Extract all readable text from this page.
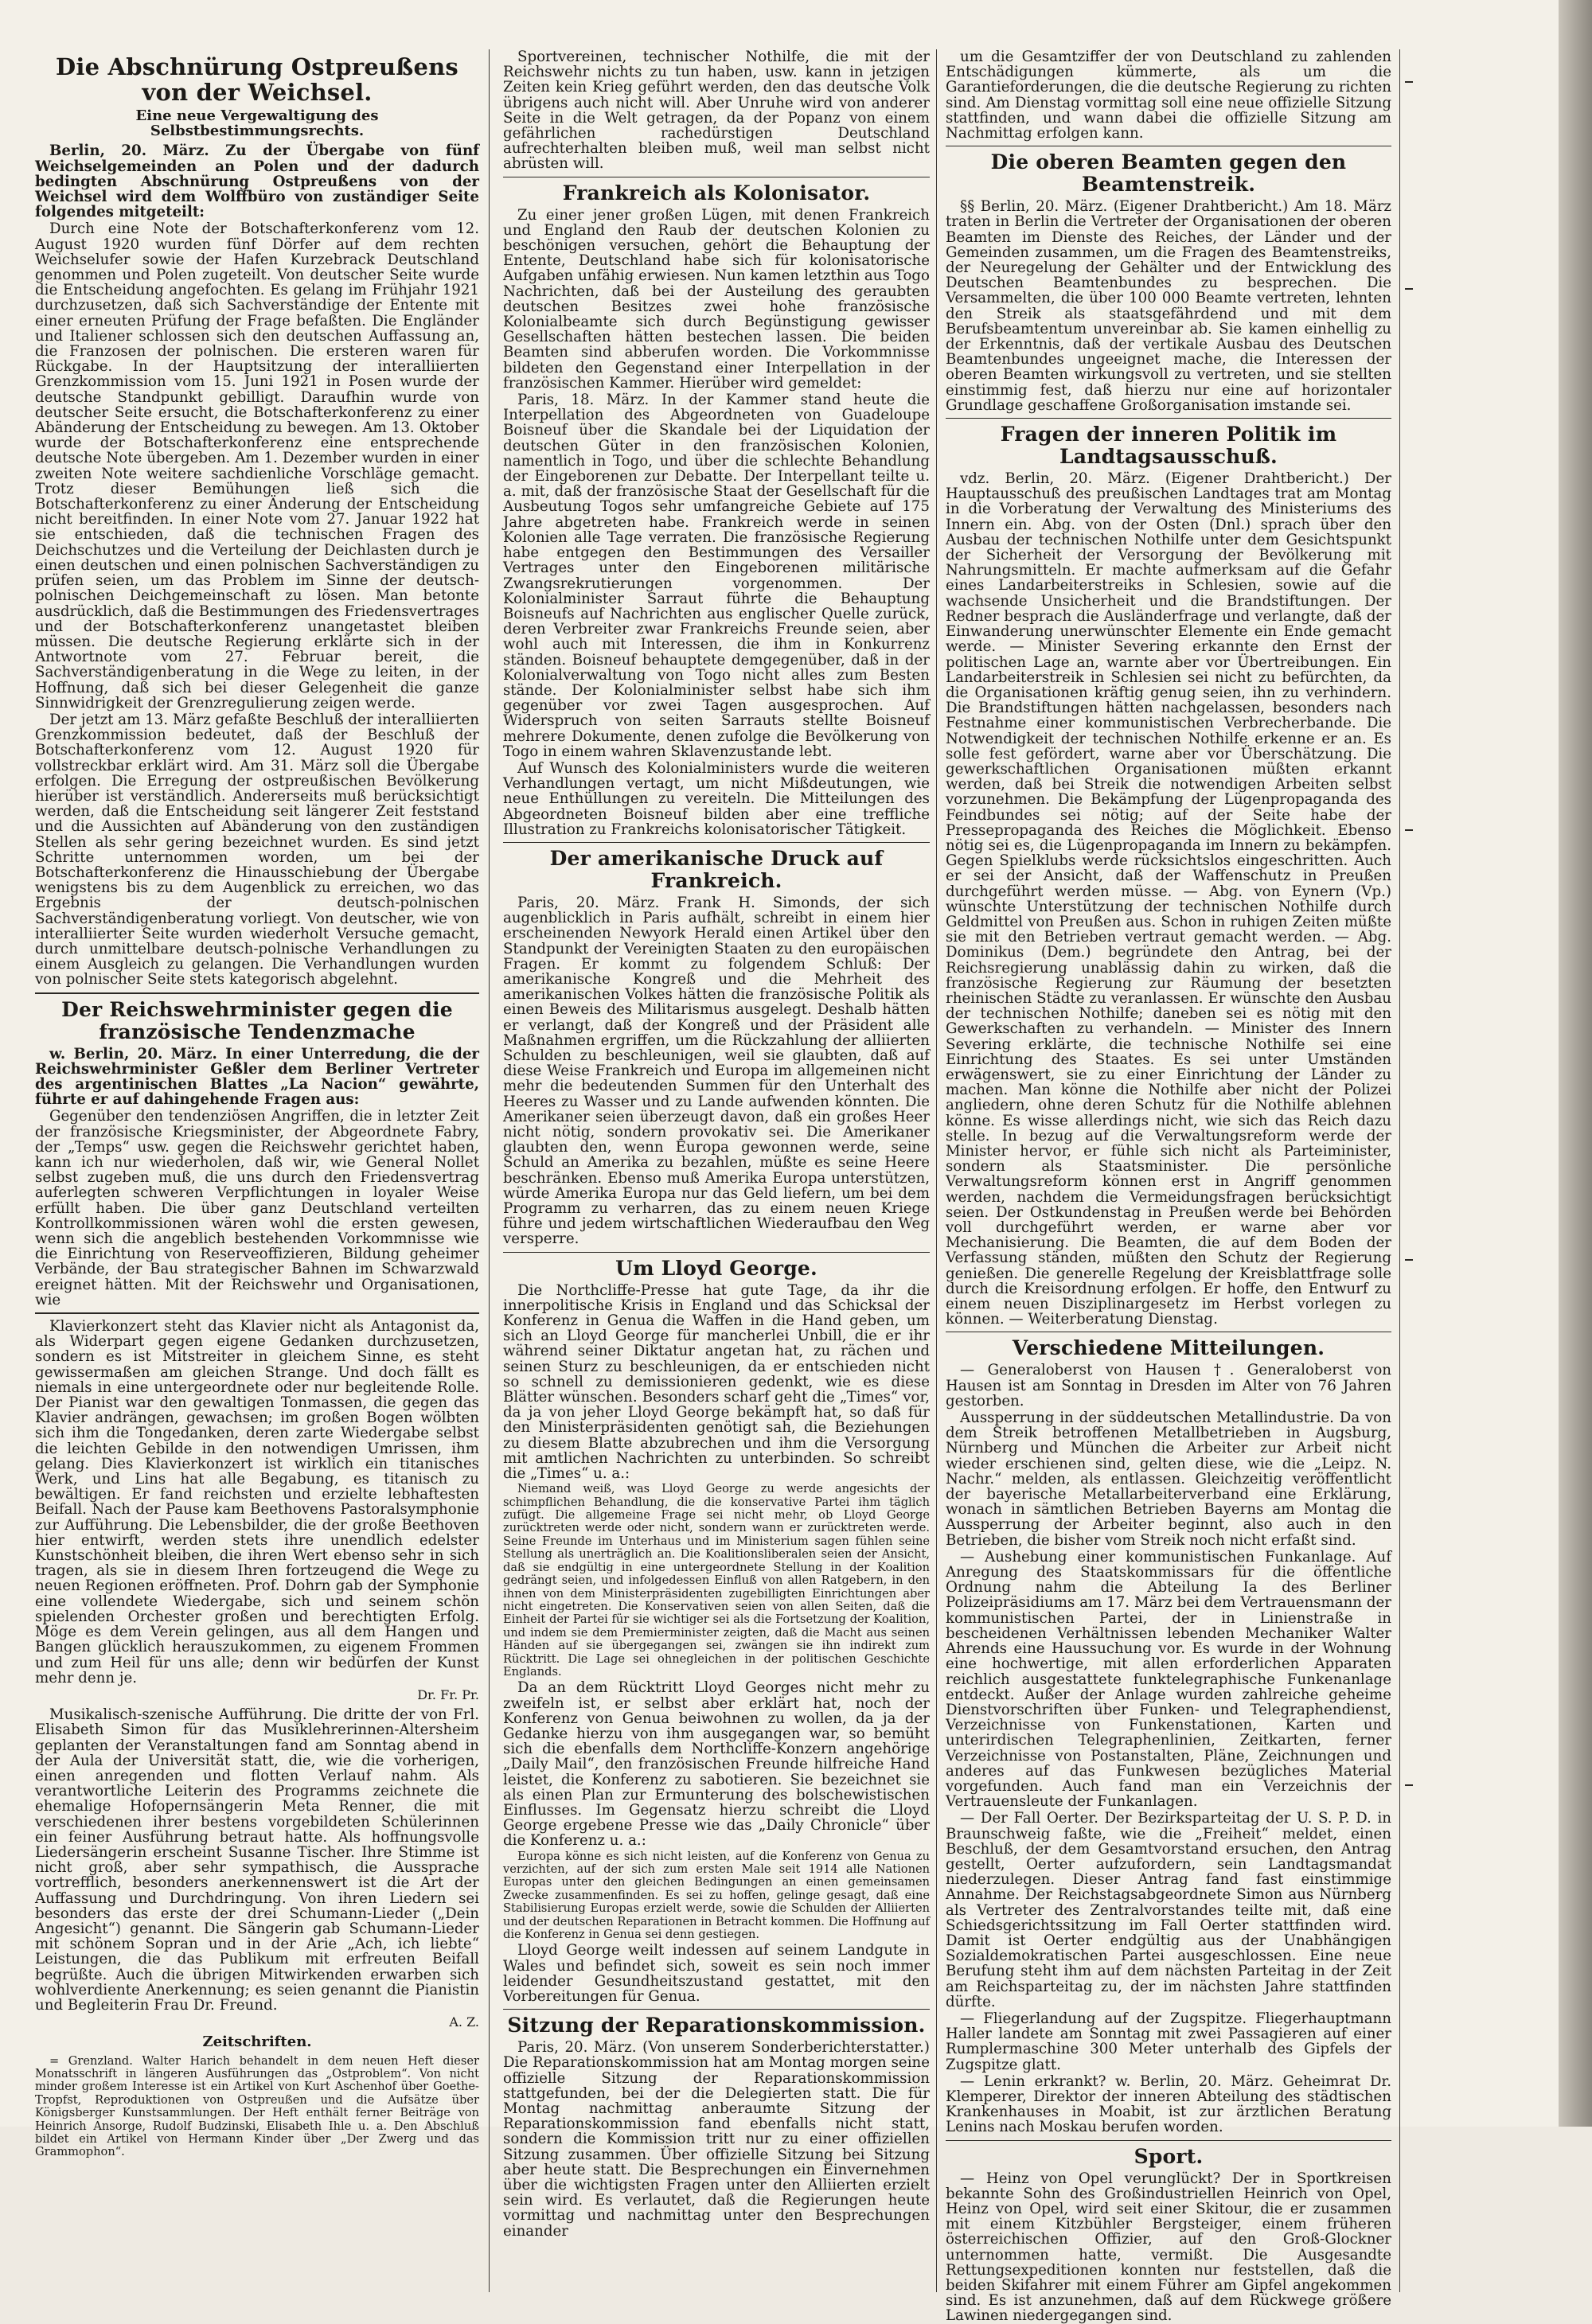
Die Abschnürung Ostpreußens von der Weichsel.
Eine neue Vergewaltigung des Selbstbestimmungsrechts.

Berlin, 20. März. Zu der Übergabe von fünf Weichselgemeinden an Polen und der dadurch bedingten Abschnürung Ostpreußens von der Weichsel wird dem Wolffbüro von zuständiger Seite folgendes mitgeteilt:

Durch eine Note der Botschafterkonferenz vom 12. August 1920 wurden fünf Dörfer auf dem rechten Weichselufer sowie der Hafen Kurzebrack Deutschland genommen und Polen zugeteilt. Von deutscher Seite wurde die Entscheidung angefochten. Es gelang im Frühjahr 1921 durchzusetzen, daß sich Sachverständige der Entente mit einer erneuten Prüfung der Frage befaßten. Die Engländer und Italiener schlossen sich den deutschen Auffassung an, die Franzosen der polnischen. Die ersteren waren für Rückgabe. In der Hauptsitzung der interalliierten Grenzkommission vom 15. Juni 1921 in Posen wurde der deutsche Standpunkt gebilligt. Daraufhin wurde von deutscher Seite ersucht, die Botschafterkonferenz zu einer Abänderung der Entscheidung zu bewegen. Am 13. Oktober wurde der Botschafterkonferenz eine entsprechende deutsche Note übergeben. Am 1. Dezember wurden in einer zweiten Note weitere sachdienliche Vorschläge gemacht. Trotz dieser Bemühungen ließ sich die Botschafterkonferenz zu einer Änderung der Entscheidung nicht bereitfinden. In einer Note vom 27. Januar 1922 hat sie entschieden, daß die technischen Fragen des Deichschutzes und die Verteilung der Deichlasten durch je einen deutschen und einen polnischen Sachverständigen zu prüfen seien, um das Problem im Sinne der deutsch-polnischen Deichgemeinschaft zu lösen. Man betonte ausdrücklich, daß die Bestimmungen des Friedensvertrages und der Botschafterkonferenz unangetastet bleiben müssen. Die deutsche Regierung erklärte sich in der Antwortnote vom 27. Februar bereit, die Sachverständigenberatung in die Wege zu leiten, in der Hoffnung, daß sich bei dieser Gelegenheit die ganze Sinnwidrigkeit der Grenzregulierung zeigen werde.

Der jetzt am 13. März gefaßte Beschluß der interalliierten Grenzkommission bedeutet, daß der Beschluß der Botschafterkonferenz vom 12. August 1920 für vollstreckbar erklärt wird. Am 31. März soll die Übergabe erfolgen. Die Erregung der ostpreußischen Bevölkerung hierüber ist verständlich. Andererseits muß berücksichtigt werden, daß die Entscheidung seit längerer Zeit feststand und die Aussichten auf Abänderung von den zuständigen Stellen als sehr gering bezeichnet wurden. Es sind jetzt Schritte unternommen worden, um bei der Botschafterkonferenz die Hinausschiebung der Übergabe wenigstens bis zu dem Augenblick zu erreichen, wo das Ergebnis der deutsch-polnischen Sachverständigenberatung vorliegt. Von deutscher, wie von interalliierter Seite wurden wiederholt Versuche gemacht, durch unmittelbare deutsch-polnische Verhandlungen zu einem Ausgleich zu gelangen. Die Verhandlungen wurden von polnischer Seite stets kategorisch abgelehnt.

Der Reichswehrminister gegen die französische Tendenzmache

w. Berlin, 20. März. In einer Unterredung, die der Reichswehrminister Geßler dem Berliner Vertreter des argentinischen Blattes „La Nacion“ gewährte, führte er auf dahingehende Fragen aus:

Gegenüber den tendenziösen Angriffen, die in letzter Zeit der französische Kriegsminister, der Abgeordnete Fabry, der „Temps“ usw. gegen die Reichswehr gerichtet haben, kann ich nur wiederholen, daß wir, wie General Nollet selbst zugeben muß, die uns durch den Friedensvertrag auferlegten schweren Verpflichtungen in loyaler Weise erfüllt haben. Die über ganz Deutschland verteilten Kontrollkommissionen wären wohl die ersten gewesen, wenn sich die angeblich bestehenden Vorkommnisse wie die Einrichtung von Reserveoffizieren, Bildung geheimer Verbände, der Bau strategischer Bahnen im Schwarzwald ereignet hätten. Mit der Reichswehr und Organisationen, wie

Klavierkonzert steht das Klavier nicht als Antagonist da, als Widerpart gegen eigene Gedanken durchzusetzen, sondern es ist Mitstreiter in gleichem Sinne, es steht gewissermaßen am gleichen Strange. Und doch fällt es niemals in eine untergeordnete oder nur begleitende Rolle. Der Pianist war den gewaltigen Tonmassen, die gegen das Klavier andrängen, gewachsen; im großen Bogen wölbten sich ihm die Tongedanken, deren zarte Wiedergabe selbst die leichten Gebilde in den notwendigen Umrissen, ihm gelang. Dies Klavierkonzert ist wirklich ein titanisches Werk, und Lins hat alle Begabung, es titanisch zu bewältigen. Er fand reichsten und erzielte lebhaftesten Beifall. Nach der Pause kam Beethovens Pastoralsymphonie zur Aufführung. Die Lebensbilder, die der große Beethoven hier entwirft, werden stets ihre unendlich edelster Kunstschönheit bleiben, die ihren Wert ebenso sehr in sich tragen, als sie in diesem Ihren fortzeugend die Wege zu neuen Regionen eröffneten. Prof. Dohrn gab der Symphonie eine vollendete Wiedergabe, sich und seinem schön spielenden Orchester großen und berechtigten Erfolg. Möge es dem Verein gelingen, aus all dem Hangen und Bangen glücklich herauszukommen, zu eigenem Frommen und zum Heil für uns alle; denn wir bedürfen der Kunst mehr denn je.

Dr. Fr. Pr.

Musikalisch-szenische Aufführung. Die dritte der von Frl. Elisabeth Simon für das Musiklehrerinnen-Altersheim geplanten der Veranstaltungen fand am Sonntag abend in der Aula der Universität statt, die, wie die vorherigen, einen anregenden und flotten Verlauf nahm. Als verantwortliche Leiterin des Programms zeichnete die ehemalige Hofopernsängerin Meta Renner, die mit verschiedenen ihrer bestens vorgebildeten Schülerinnen ein feiner Ausführung betraut hatte. Als hoffnungsvolle Liedersängerin erscheint Susanne Tischer. Ihre Stimme ist nicht groß, aber sehr sympathisch, die Aussprache vortrefflich, besonders anerkennenswert ist die Art der Auffassung und Durchdringung. Von ihren Liedern sei besonders das erste der drei Schumann-Lieder („Dein Angesicht“) genannt. Die Sängerin gab Schumann-Lieder mit schönem Sopran und in der Arie „Ach, ich liebte“ Leistungen, die das Publikum mit erfreuten Beifall begrüßte. Auch die übrigen Mitwirkenden erwarben sich wohlverdiente Anerkennung; es seien genannt die Pianistin und Begleiterin Frau Dr. Freund.

A. Z.
Zeitschriften.

= Grenzland. Walter Harich behandelt in dem neuen Heft dieser Monatsschrift in längeren Ausführungen das „Ostproblem“. Von nicht minder großem Interesse ist ein Artikel von Kurt Aschenhof über Goethe-Tropfst, Reproduktionen von Ostpreußen und die Aufsätze über Königsberger Kunstsammlungen. Der Heft enthält ferner Beiträge von Heinrich Ansorge, Rudolf Budzinski, Elisabeth Ihle u. a. Den Abschluß bildet ein Artikel von Hermann Kinder über „Der Zwerg und das Grammophon“.

Sportvereinen, technischer Nothilfe, die mit der Reichswehr nichts zu tun haben, usw. kann in jetzigen Zeiten kein Krieg geführt werden, den das deutsche Volk übrigens auch nicht will. Aber Unruhe wird von anderer Seite in die Welt getragen, da der Popanz von einem gefährlichen rachedürstigen Deutschland aufrechterhalten bleiben muß, weil man selbst nicht abrüsten will.

Frankreich als Kolonisator.

Zu einer jener großen Lügen, mit denen Frankreich und England den Raub der deutschen Kolonien zu beschönigen versuchen, gehört die Behauptung der Entente, Deutschland habe sich für kolonisatorische Aufgaben unfähig erwiesen. Nun kamen letzthin aus Togo Nachrichten, daß bei der Austeilung des geraubten deutschen Besitzes zwei hohe französische Kolonialbeamte sich durch Begünstigung gewisser Gesellschaften hätten bestechen lassen. Die beiden Beamten sind abberufen worden. Die Vorkommnisse bildeten den Gegenstand einer Interpellation in der französischen Kammer. Hierüber wird gemeldet:

Paris, 18. März. In der Kammer stand heute die Interpellation des Abgeordneten von Guadeloupe Boisneuf über die Skandale bei der Liquidation der deutschen Güter in den französischen Kolonien, namentlich in Togo, und über die schlechte Behandlung der Eingeborenen zur Debatte. Der Interpellant teilte u. a. mit, daß der französische Staat der Gesellschaft für die Ausbeutung Togos sehr umfangreiche Gebiete auf 175 Jahre abgetreten habe. Frankreich werde in seinen Kolonien alle Tage verraten. Die französische Regierung habe entgegen den Bestimmungen des Versailler Vertrages unter den Eingeborenen militärische Zwangsrekrutierungen vorgenommen. Der Kolonialminister Sarraut führte die Behauptung Boisneufs auf Nachrichten aus englischer Quelle zurück, deren Verbreiter zwar Frankreichs Freunde seien, aber wohl auch mit Interessen, die ihm in Konkurrenz ständen. Boisneuf behauptete demgegenüber, daß in der Kolonialverwaltung von Togo nicht alles zum Besten stände. Der Kolonialminister selbst habe sich ihm gegenüber vor zwei Tagen ausgesprochen. Auf Widerspruch von seiten Sarrauts stellte Boisneuf mehrere Dokumente, denen zufolge die Bevölkerung von Togo in einem wahren Sklavenzustande lebt.

Auf Wunsch des Kolonialministers wurde die weiteren Verhandlungen vertagt, um nicht Mißdeutungen, wie neue Enthüllungen zu vereiteln. Die Mitteilungen des Abgeordneten Boisneuf bilden aber eine treffliche Illustration zu Frankreichs kolonisatorischer Tätigkeit.

Der amerikanische Druck auf Frankreich.

Paris, 20. März. Frank H. Simonds, der sich augenblicklich in Paris aufhält, schreibt in einem hier erscheinenden Newyork Herald einen Artikel über den Standpunkt der Vereinigten Staaten zu den europäischen Fragen. Er kommt zu folgendem Schluß: Der amerikanische Kongreß und die Mehrheit des amerikanischen Volkes hätten die französische Politik als einen Beweis des Militarismus ausgelegt. Deshalb hätten er verlangt, daß der Kongreß und der Präsident alle Maßnahmen ergriffen, um die Rückzahlung der alliierten Schulden zu beschleunigen, weil sie glaubten, daß auf diese Weise Frankreich und Europa im allgemeinen nicht mehr die bedeutenden Summen für den Unterhalt des Heeres zu Wasser und zu Lande aufwenden könnten. Die Amerikaner seien überzeugt davon, daß ein großes Heer nicht nötig, sondern provokativ sei. Die Amerikaner glaubten den, wenn Europa gewonnen werde, seine Schuld an Amerika zu bezahlen, müßte es seine Heere beschränken. Ebenso muß Amerika Europa unterstützen, würde Amerika Europa nur das Geld liefern, um bei dem Programm zu verharren, das zu einem neuen Kriege führe und jedem wirtschaftlichen Wiederaufbau den Weg versperre.

Um Lloyd George.

Die Northcliffe-Presse hat gute Tage, da ihr die innerpolitische Krisis in England und das Schicksal der Konferenz in Genua die Waffen in die Hand geben, um sich an Lloyd George für mancherlei Unbill, die er ihr während seiner Diktatur angetan hat, zu rächen und seinen Sturz zu beschleunigen, da er entschieden nicht so schnell zu demissionieren gedenkt, wie es diese Blätter wünschen. Besonders scharf geht die „Times“ vor, da ja von jeher Lloyd George bekämpft hat, so daß für den Ministerpräsidenten genötigt sah, die Beziehungen zu diesem Blatte abzubrechen und ihm die Versorgung mit amtlichen Nachrichten zu unterbinden. So schreibt die „Times“ u. a.:

Niemand weiß, was Lloyd George zu werde angesichts der schimpflichen Behandlung, die die konservative Partei ihm täglich zufügt. Die allgemeine Frage sei nicht mehr, ob Lloyd George zurücktreten werde oder nicht, sondern wann er zurücktreten werde. Seine Freunde im Unterhaus und im Ministerium sagen fühlen seine Stellung als unerträglich an. Die Koalitionsliberalen seien der Ansicht, daß sie endgültig in eine untergeordnete Stellung in der Koalition gedrängt seien, und infolgedessen Einfluß von allen Ratgebern, in den ihnen von dem Ministerpräsidenten zugebilligten Einrichtungen aber nicht eingetreten. Die Konservativen seien von allen Seiten, daß die Einheit der Partei für sie wichtiger sei als die Fortsetzung der Koalition, und indem sie dem Premierminister zeigten, daß die Macht aus seinen Händen auf sie übergegangen sei, zwängen sie ihn indirekt zum Rücktritt. Die Lage sei ohnegleichen in der politischen Geschichte Englands.

Da an dem Rücktritt Lloyd Georges nicht mehr zu zweifeln ist, er selbst aber erklärt hat, noch der Konferenz von Genua beiwohnen zu wollen, da ja der Gedanke hierzu von ihm ausgegangen war, so bemüht sich die ebenfalls dem Northcliffe-Konzern angehörige „Daily Mail“, den französischen Freunde hilfreiche Hand leistet, die Konferenz zu sabotieren. Sie bezeichnet sie als einen Plan zur Ermunterung des bolschewistischen Einflusses. Im Gegensatz hierzu schreibt die Lloyd George ergebene Presse wie das „Daily Chronicle“ über die Konferenz u. a.:

Europa könne es sich nicht leisten, auf die Konferenz von Genua zu verzichten, auf der sich zum ersten Male seit 1914 alle Nationen Europas unter den gleichen Bedingungen an einen gemeinsamen Zwecke zusammenfinden. Es sei zu hoffen, gelinge gesagt, daß eine Stabilisierung Europas erzielt werde, sowie die Schulden der Alliierten und der deutschen Reparationen in Betracht kommen. Die Hoffnung auf die Konferenz in Genua sei denn gestiegen.

Lloyd George weilt indessen auf seinem Landgute in Wales und befindet sich, soweit es sein noch immer leidender Gesundheitszustand gestattet, mit den Vorbereitungen für Genua.

Sitzung der Reparationskommission.

Paris, 20. März. (Von unserem Sonderberichterstatter.) Die Reparationskommission hat am Montag morgen seine offizielle Sitzung der Reparationskommission stattgefunden, bei der die Delegierten statt. Die für Montag nachmittag anberaumte Sitzung der Reparationskommission fand ebenfalls nicht statt, sondern die Kommission tritt nur zu einer offiziellen Sitzung zusammen. Über offizielle Sitzung bei Sitzung aber heute statt. Die Besprechungen ein Einvernehmen über die wichtigsten Fragen unter den Alliierten erzielt sein wird. Es verlautet, daß die Regierungen heute vormittag und nachmittag unter den Besprechungen einander

um die Gesamtziffer der von Deutschland zu zahlenden Entschädigungen kümmerte, als um die Garantieforderungen, die die deutsche Regierung zu richten sind. Am Dienstag vormittag soll eine neue offizielle Sitzung stattfinden, und wann dabei die offizielle Sitzung am Nachmittag erfolgen kann.

Die oberen Beamten gegen den Beamtenstreik.

§§ Berlin, 20. März. (Eigener Drahtbericht.) Am 18. März traten in Berlin die Vertreter der Organisationen der oberen Beamten im Dienste des Reiches, der Länder und der Gemeinden zusammen, um die Fragen des Beamtenstreiks, der Neuregelung der Gehälter und der Entwicklung des Deutschen Beamtenbundes zu besprechen. Die Versammelten, die über 100 000 Beamte vertreten, lehnten den Streik als staatsgefährdend und mit dem Berufsbeamtentum unvereinbar ab. Sie kamen einhellig zu der Erkenntnis, daß der vertikale Ausbau des Deutschen Beamtenbundes ungeeignet mache, die Interessen der oberen Beamten wirkungsvoll zu vertreten, und sie stellten einstimmig fest, daß hierzu nur eine auf horizontaler Grundlage geschaffene Großorganisation imstande sei.

Fragen der inneren Politik im Landtagsausschuß.

vdz. Berlin, 20. März. (Eigener Drahtbericht.) Der Hauptausschuß des preußischen Landtages trat am Montag in die Vorberatung der Verwaltung des Ministeriums des Innern ein. Abg. von der Osten (Dnl.) sprach über den Ausbau der technischen Nothilfe unter dem Gesichtspunkt der Sicherheit der Versorgung der Bevölkerung mit Nahrungsmitteln. Er machte aufmerksam auf die Gefahr eines Landarbeiterstreiks in Schlesien, sowie auf die wachsende Unsicherheit und die Brandstiftungen. Der Redner besprach die Ausländerfrage und verlangte, daß der Einwanderung unerwünschter Elemente ein Ende gemacht werde. — Minister Severing erkannte den Ernst der politischen Lage an, warnte aber vor Übertreibungen. Ein Landarbeiterstreik in Schlesien sei nicht zu befürchten, da die Organisationen kräftig genug seien, ihn zu verhindern. Die Brandstiftungen hätten nachgelassen, besonders nach Festnahme einer kommunistischen Verbrecherbande. Die Notwendigkeit der technischen Nothilfe erkenne er an. Es solle fest gefördert, warne aber vor Überschätzung. Die gewerkschaftlichen Organisationen müßten erkannt werden, daß bei Streik die notwendigen Arbeiten selbst vorzunehmen. Die Bekämpfung der Lügenpropaganda des Feindbundes sei nötig; auf der Seite habe der Pressepropaganda des Reiches die Möglichkeit. Ebenso nötig sei es, die Lügenpropaganda im Innern zu bekämpfen. Gegen Spielklubs werde rücksichtslos eingeschritten. Auch er sei der Ansicht, daß der Waffenschutz in Preußen durchgeführt werden müsse. — Abg. von Eynern (Vp.) wünschte Unterstützung der technischen Nothilfe durch Geldmittel von Preußen aus. Schon in ruhigen Zeiten müßte sie mit den Betrieben vertraut gemacht werden. — Abg. Dominikus (Dem.) begründete den Antrag, bei der Reichsregierung unablässig dahin zu wirken, daß die französische Regierung zur Räumung der besetzten rheinischen Städte zu veranlassen. Er wünschte den Ausbau der technischen Nothilfe; daneben sei es nötig mit den Gewerkschaften zu verhandeln. — Minister des Innern Severing erklärte, die technische Nothilfe sei eine Einrichtung des Staates. Es sei unter Umständen erwägenswert, sie zu einer Einrichtung der Länder zu machen. Man könne die Nothilfe aber nicht der Polizei angliedern, ohne deren Schutz für die Nothilfe ablehnen könne. Es wisse allerdings nicht, wie sich das Reich dazu stelle. In bezug auf die Verwaltungsreform werde der Minister hervor, er fühle sich nicht als Parteiminister, sondern als Staatsminister. Die persönliche Verwaltungsreform können erst in Angriff genommen werden, nachdem die Vermeidungsfragen berücksichtigt seien. Der Ostkundenstag in Preußen werde bei Behörden voll durchgeführt werden, er warne aber vor Mechanisierung. Die Beamten, die auf dem Boden der Verfassung ständen, müßten den Schutz der Regierung genießen. Die generelle Regelung der Kreisblattfrage solle durch die Kreisordnung erfolgen. Er hoffe, den Entwurf zu einem neuen Disziplinargesetz im Herbst vorlegen zu können. — Weiterberatung Dienstag.

Verschiedene Mitteilungen.

— Generaloberst von Hausen †. Generaloberst von Hausen ist am Sonntag in Dresden im Alter von 76 Jahren gestorben.

Aussperrung in der süddeutschen Metallindustrie. Da von dem Streik betroffenen Metallbetrieben in Augsburg, Nürnberg und München die Arbeiter zur Arbeit nicht wieder erschienen sind, gelten diese, wie die „Leipz. N. Nachr.“ melden, als entlassen. Gleichzeitig veröffentlicht der bayerische Metallarbeiterverband eine Erklärung, wonach in sämtlichen Betrieben Bayerns am Montag die Aussperrung der Arbeiter beginnt, also auch in den Betrieben, die bisher vom Streik noch nicht erfaßt sind.

— Aushebung einer kommunistischen Funkanlage. Auf Anregung des Staatskommissars für die öffentliche Ordnung nahm die Abteilung Ia des Berliner Polizeipräsidiums am 17. März bei dem Vertrauensmann der kommunistischen Partei, der in Linienstraße in bescheidenen Verhältnissen lebenden Mechaniker Walter Ahrends eine Haussuchung vor. Es wurde in der Wohnung eine hochwertige, mit allen erforderlichen Apparaten reichlich ausgestattete funktelegraphische Funkenanlage entdeckt. Außer der Anlage wurden zahlreiche geheime Dienstvorschriften über Funken- und Telegraphendienst, Verzeichnisse von Funkenstationen, Karten und unterirdischen Telegraphenlinien, Zeitkarten, ferner Verzeichnisse von Postanstalten, Pläne, Zeichnungen und anderes auf das Funkwesen bezügliches Material vorgefunden. Auch fand man ein Verzeichnis der Vertrauensleute der Funkanlagen.

— Der Fall Oerter. Der Bezirksparteitag der U. S. P. D. in Braunschweig faßte, wie die „Freiheit“ meldet, einen Beschluß, der dem Gesamtvorstand ersuchen, den Antrag gestellt, Oerter aufzufordern, sein Landtagsmandat niederzulegen. Dieser Antrag fand fast einstimmige Annahme. Der Reichstagsabgeordnete Simon aus Nürnberg als Vertreter des Zentralvorstandes teilte mit, daß eine Schiedsgerichtssitzung im Fall Oerter stattfinden wird. Damit ist Oerter endgültig aus der Unabhängigen Sozialdemokratischen Partei ausgeschlossen. Eine neue Berufung steht ihm auf dem nächsten Parteitag in der Zeit am Reichsparteitag zu, der im nächsten Jahre stattfinden dürfte.

— Fliegerlandung auf der Zugspitze. Fliegerhauptmann Haller landete am Sonntag mit zwei Passagieren auf einer Rumplermaschine 300 Meter unterhalb des Gipfels der Zugspitze glatt.

— Lenin erkrankt? w. Berlin, 20. März. Geheimrat Dr. Klemperer, Direktor der inneren Abteilung des städtischen Krankenhauses in Moabit, ist zur ärztlichen Beratung Lenins nach Moskau berufen worden.

Sport.

— Heinz von Opel verunglückt? Der in Sportkreisen bekannte Sohn des Großindustriellen Heinrich von Opel, Heinz von Opel, wird seit einer Skitour, die er zusammen mit einem Kitzbühler Bergsteiger, einem früheren österreichischen Offizier, auf den Groß-Glockner unternommen hatte, vermißt. Die Ausgesandte Rettungsexpeditionen konnten nur feststellen, daß die beiden Skifahrer mit einem Führer am Gipfel angekommen sind. Es ist anzunehmen, daß auf dem Rückwege größere Lawinen niedergegangen sind.
